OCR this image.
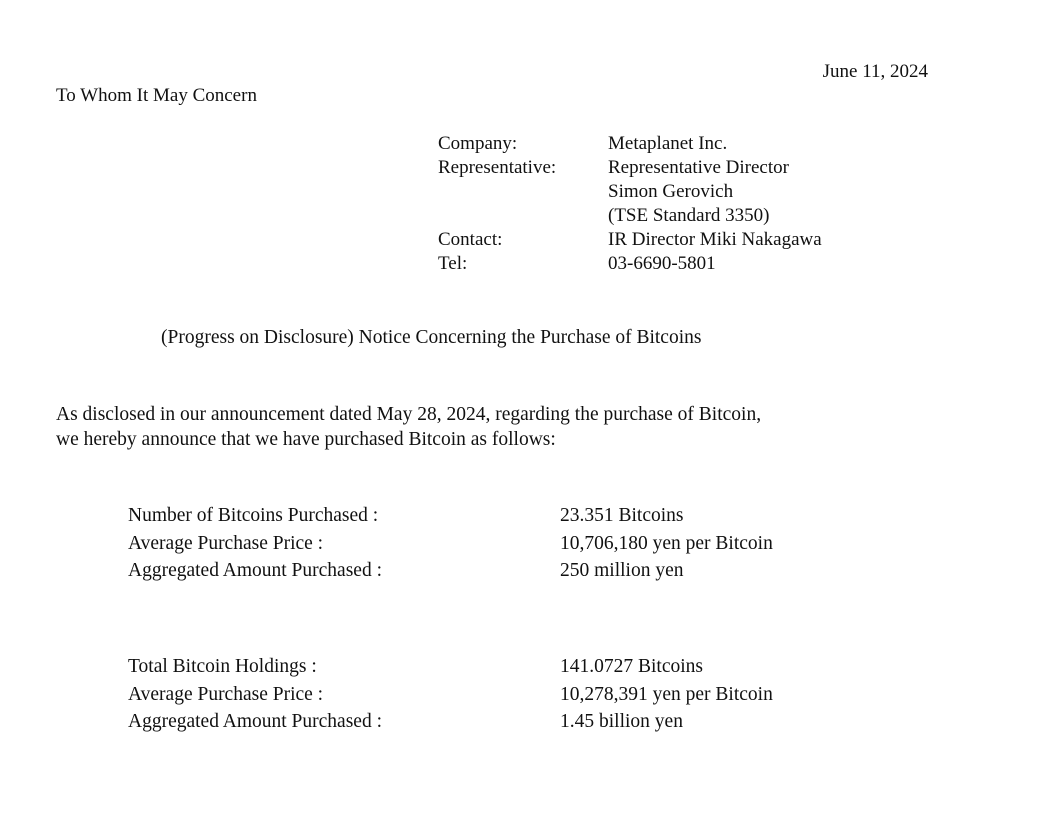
June 11, 2024
To Whom It May Concern
Company:	Metaplanet Inc.
Representative:	Representative Director
Simon Gerovich
(TSE Standard 3350)
Contact:	IR Director Miki Nakagawa
Tel:	03-6690-5801
(Progress on Disclosure) Notice Concerning the Purchase of Bitcoins

As disclosed in our announcement dated May 28, 2024, regarding the purchase of Bitcoin,

we hereby announce that we have purchased Bitcoin as follows:

Number of Bitcoins Purchased :	23.351 Bitcoins
Average Purchase Price :	10,706,180 yen per Bitcoin
Aggregated Amount Purchased :	250 million yen
Total Bitcoin Holdings :	141.0727 Bitcoins
Average Purchase Price :	10,278,391 yen per Bitcoin
Aggregated Amount Purchased :	1.45 billion yen
